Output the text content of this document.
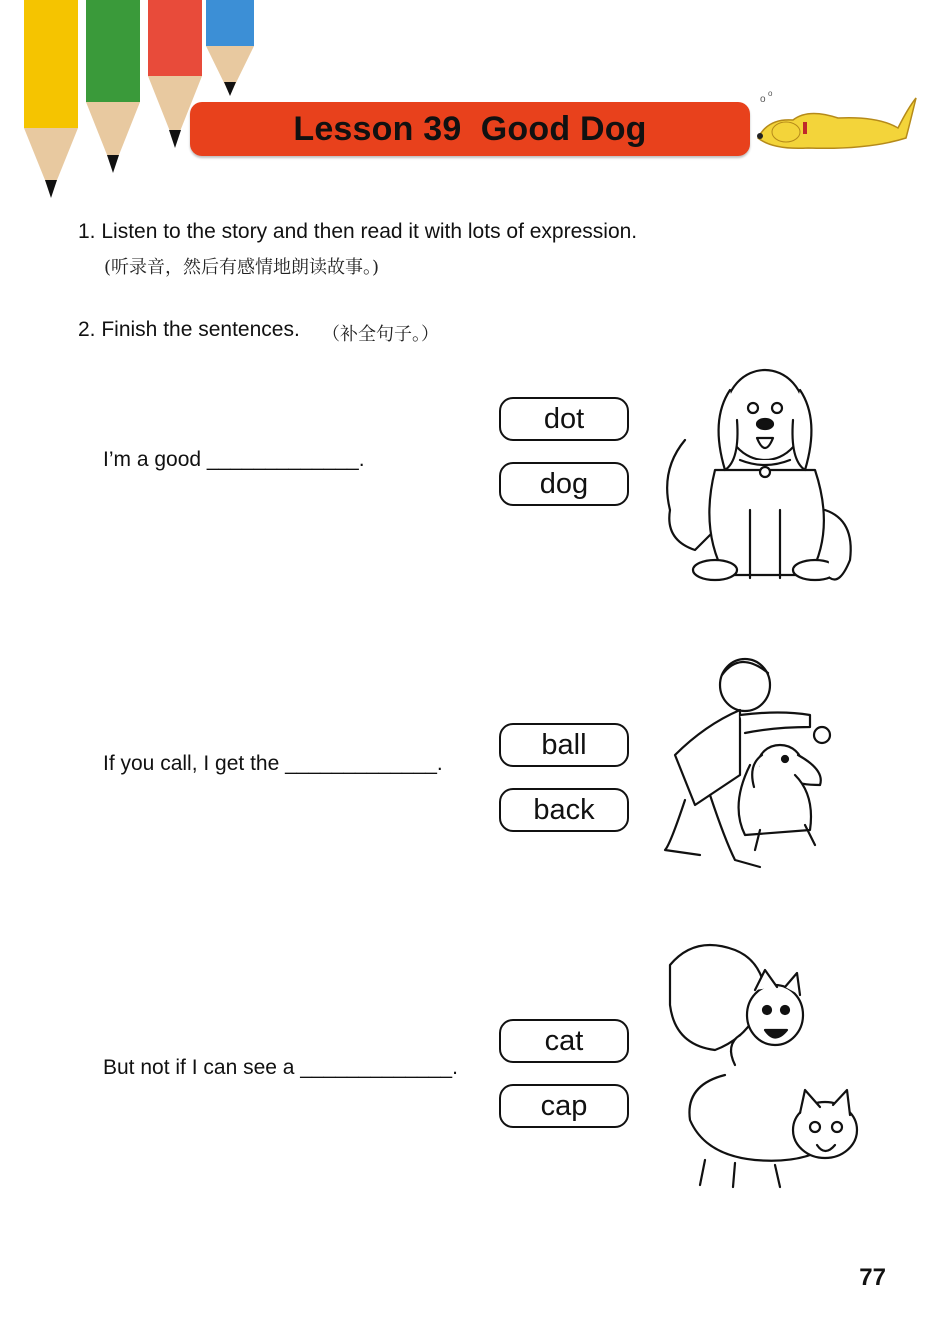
Lesson 39  Good Dog
o
o
1. Listen to the story and then read it with lots of expression.
(听录音，然后有感情地朗读故事。)
2. Finish the sentences. （补全句子。）
I’m a good _____________.
dot
dog
If you call, I get the _____________.
ball
back
But not if I can see a _____________.
cat
cap
77
